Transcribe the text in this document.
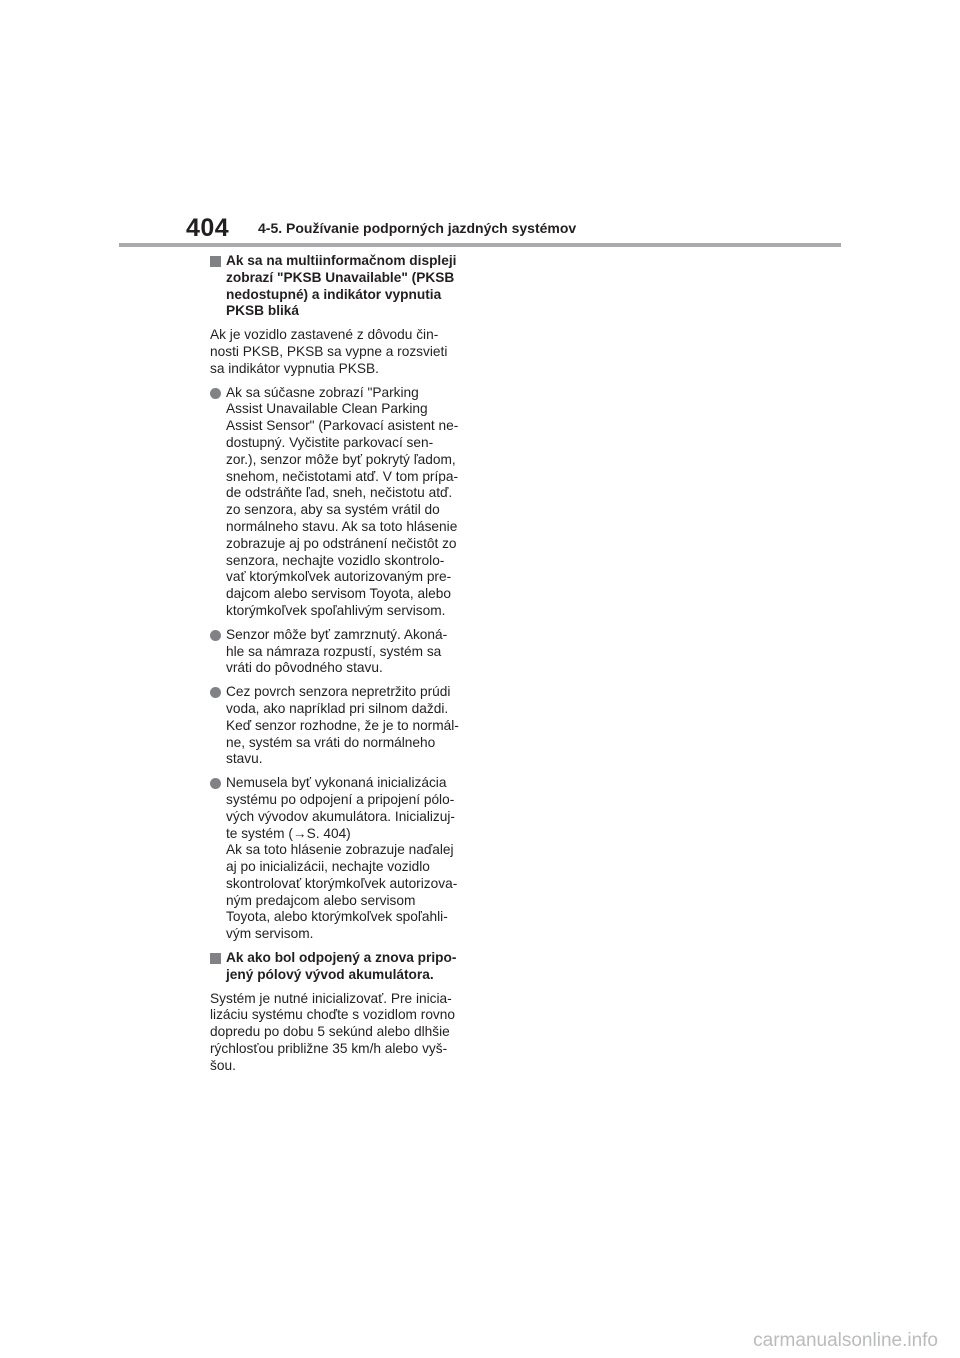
404 4-5. Používanie podporných jazdných systémov
Ak sa na multiinformačnom displeji
zobrazí "PKSB Unavailable" (PKSB
nedostupné) a indikátor vypnutia
PKSB bliká
Ak je vozidlo zastavené z dôvodu čin-
nosti PKSB, PKSB sa vypne a rozsvieti
sa indikátor vypnutia PKSB.
Ak sa súčasne zobrazí "Parking
Assist Unavailable Clean Parking
Assist Sensor" (Parkovací asistent ne-
dostupný. Vyčistite parkovací sen-
zor.), senzor môže byť pokrytý ľadom,
snehom, nečistotami atď. V tom prípa-
de odstráňte ľad, sneh, nečistotu atď.
zo senzora, aby sa systém vrátil do
normálneho stavu. Ak sa toto hlásenie
zobrazuje aj po odstránení nečistôt zo
senzora, nechajte vozidlo skontrolo-
vať ktorýmkoľvek autorizovaným pre-
dajcom alebo servisom Toyota, alebo
ktorýmkoľvek spoľahlivým servisom.
Senzor môže byť zamrznutý. Akoná-
hle sa námraza rozpustí, systém sa
vráti do pôvodného stavu.
Cez povrch senzora nepretržito prúdi
voda, ako napríklad pri silnom daždi.
Keď senzor rozhodne, že je to normál-
ne, systém sa vráti do normálneho
stavu.
Nemusela byť vykonaná inicializácia
systému po odpojení a pripojení pólo-
vých vývodov akumulátora. Inicializuj-
te systém (→S. 404)
Ak sa toto hlásenie zobrazuje naďalej
aj po inicializácii, nechajte vozidlo
skontrolovať ktorýmkoľvek autorizova-
ným predajcom alebo servisom
Toyota, alebo ktorýmkoľvek spoľahli-
vým servisom.
Ak ako bol odpojený a znova pripo-
jený pólový vývod akumulátora.
Systém je nutné inicializovať. Pre inicia-
lizáciu systému choďte s vozidlom rovno
dopredu po dobu 5 sekúnd alebo dlhšie
rýchlosťou približne 35 km/h alebo vyš-
šou.
carmanualsonline.info
